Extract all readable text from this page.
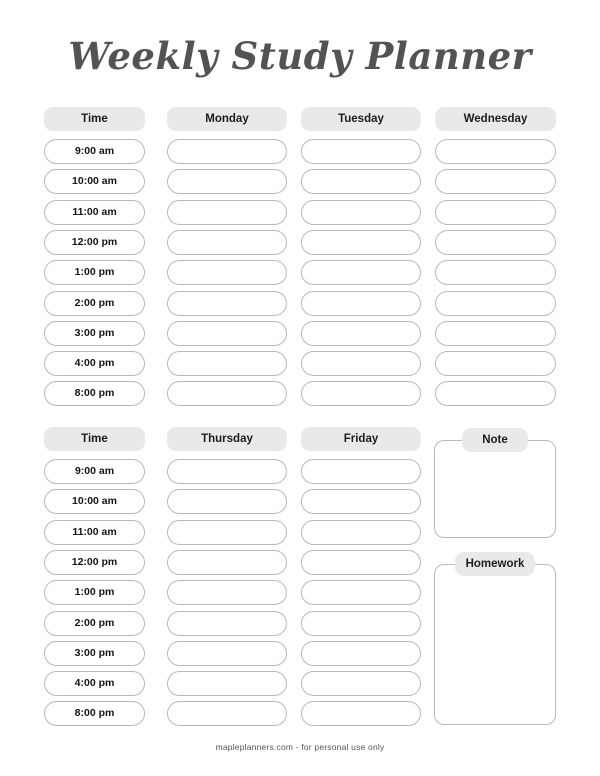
Weekly Study Planner
Time	Monday	Tuesday	Wednesday
9:00 am
10:00 am
11:00 am
12:00 pm
1:00 pm
2:00 pm
3:00 pm
4:00 pm
8:00 pm
Time	Thursday	Friday
9:00 am
10:00 am
11:00 am
12:00 pm
1:00 pm
2:00 pm
3:00 pm
4:00 pm
8:00 pm
Note
Homework
mapleplanners.com - for personal use only
